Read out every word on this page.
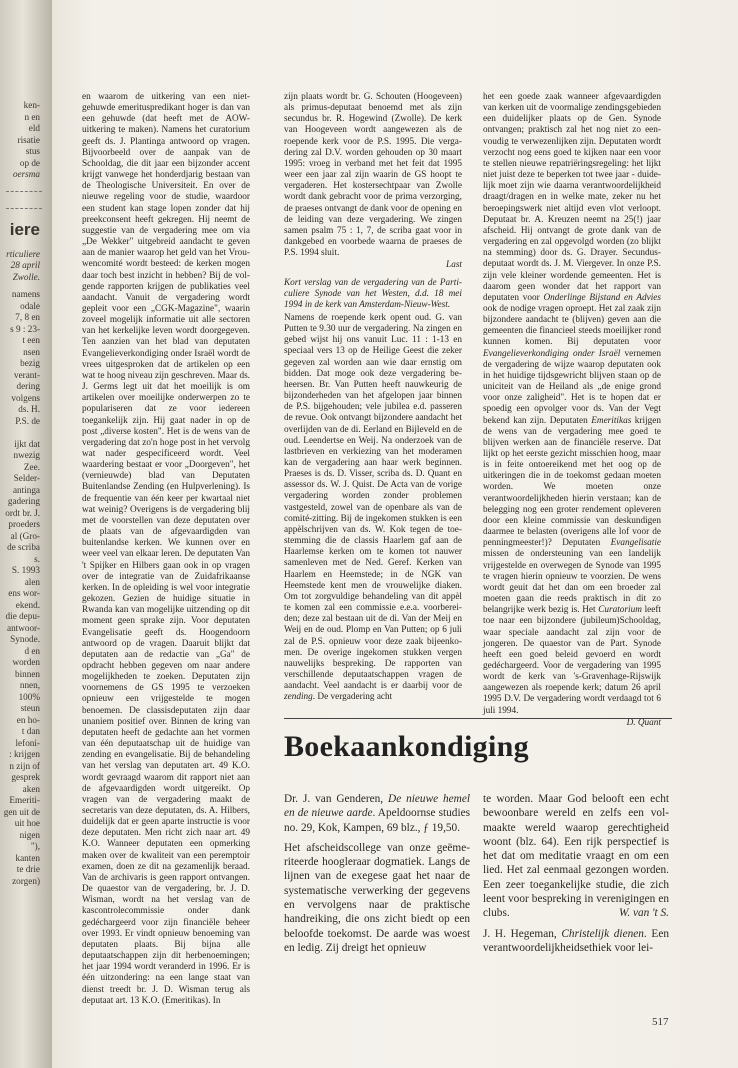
ken-
n en
eld
risatie
stus
op de
oersma
iere
rticuliere
28 april
Zwolle.
namens
odale
7, 8 en
s 9 : 23-
t een
nsen
bezig
verant-
dering
volgens
ds. H.
P.S. de

ijkt dat
nwezig
Zee.
Selder-
antinga
gadering
ordt br. J.
proeders
al (Gro-
de scriba
s.
S. 1993
alen
ens wor-
ekend.
die depu-
antwoor-
Synode.
d en
worden
binnen
nnen,
100%
steun
en ho-
t dan
lefoni-
: krijgen
n zijn of
gesprek
aken
Emeriti-
gen uit de
uit hoe
nigen
"),
kanten
te drie
zorgen)

en waarom de uitkering van een niet-gehuwde emerituspredikant hoger is dan van een gehuwde (dat heeft met de AOW-uitkering te maken). Namens het curatorium geeft ds. J. Plantinga antwoord op vragen. Bijvoorbeeld over de aanpak van de Schooldag, die dit jaar een bijzonder accent krijgt vanwege het honderdjarig bestaan van de Theologische Universiteit. En over de nieuwe regeling voor de studie, waardoor een student kan stage lopen zonder dat hij preekconsent heeft gekregen. Hij neemt de suggestie van de vergadering mee om via „De Wekker" uitgebreid aandacht te geven aan de manier waarop het geld van het Vrouwencomité wordt besteed: de kerken mogen daar toch best inzicht in hebben? Bij de volgende rapporten krijgen de publikaties veel aandacht. Vanuit de vergadering wordt gepleit voor een „CGK-Magazine", waarin zoveel mogelijk informatie uit alle sectoren van het kerkelijke leven wordt doorgegeven. Ten aanzien van het blad van deputaten Evangelieverkondiging onder Israël wordt de vrees uitgesproken dat de artikelen op een wat te hoog niveau zijn geschreven. Maar ds. J. Germs legt uit dat het moeilijk is om artikelen over moeilijke onderwerpen zo te populariseren dat ze voor iedereen toegankelijk zijn. Hij gaat nader in op de post „diverse kosten". Het is de wens van de vergadering dat zo'n hoge post in het vervolg wat nader gespecificeerd wordt. Veel waardering bestaat er voor „Doorgeven", het (vernieuwde) blad van Deputaten Buitenlandse Zending (en Hulpverlening). Is de frequentie van één keer per kwartaal niet wat weinig? Overigens is de vergadering blij met de voorstellen van deze deputaten over de plaats van de afgevaardigden van buitenlandse kerken. We kunnen over en weer veel van elkaar leren. De deputaten Van 't Spijker en Hilbers gaan ook in op vragen over de integratie van de Zuidafrikaanse kerken. In de opleiding is wel voor integratie gekozen. Gezien de huidige situatie in Rwanda kan van mogelijke uitzending op dit moment geen sprake zijn. Voor deputaten Evangelisatie geeft ds. Hoogendoorn antwoord op de vragen. Daaruit blijkt dat deputaten aan de redactie van „Ga" de opdracht hebben gegeven om naar andere mogelijkheden te zoeken. Deputaten zijn voornemens de GS 1995 te verzoeken opnieuw een vrijgestelde te mogen benoemen. De classisdeputaten zijn daar unaniem positief over. Binnen de kring van deputaten heeft de gedachte aan het vormen van één deputaatschap uit de huidige van zending en evangelisatie. Bij de behandeling van het verslag van deputaten art. 49 K.O. wordt gevraagd waarom dit rapport niet aan de afgevaardigden wordt uitgereikt. Op vragen van de vergadering maakt de secretaris van deze deputaten, ds. A. Hilbers, duidelijk dat er geen aparte instructie is voor deze deputaten. Men richt zich naar art. 49 K.O. Wanneer deputaten een opmerking maken over de kwaliteit van een peremptoir examen, doen ze dit na gezamenlijk beraad. Van de archivaris is geen rapport ontvangen. De quaestor van de vergadering, br. J. D. Wisman, wordt na het verslag van de kascontrolecommissie onder dank gedéchargeerd voor zijn financiële beheer over 1993. Er vindt opnieuw benoeming van deputaten plaats. Bij bijna alle deputaatschappen zijn dit herbenoemingen; het jaar 1994 wordt veranderd in 1996. Er is één uitzondering: na een lange staat van dienst treedt br. J. D. Wisman terug als deputaat art. 13 K.O. (Emeritikas). In

zijn plaats wordt br. G. Schouten (Hoogeveen) als primus-deputaat benoemd met als zijn secundus br. R. Hogewind (Zwolle). De kerk van Hoogeveen wordt aangewezen als de roepende kerk voor de P.S. 1995. Die vergadering zal D.V. worden gehouden op 30 maart 1995: vroeg in verband met het feit dat 1995 weer een jaar zal zijn waarin de GS hoopt te vergaderen. Het kostersechtpaar van Zwolle wordt dank gebracht voor de prima verzorging, de praeses ontvangt de dank voor de opening en de leiding van deze vergadering. We zingen samen psalm 75 : 1, 7, de scriba gaat voor in dankgebed en voorbede waarna de praeses de P.S. 1994 sluit.

Last

Kort verslag van de vergadering van de Particuliere Synode van het Westen, d.d. 18 mei 1994 in de kerk van Amsterdam-Nieuw-West.

Namens de roepende kerk opent oud. G. van Putten te 9.30 uur de vergadering. Na zingen en gebed wijst hij ons vanuit Luc. 11 : 1-13 en speciaal vers 13 op de Heilige Geest die zeker gegeven zal worden aan wie daar ernstig om bidden. Dat moge ook deze vergadering beheersen. Br. Van Putten heeft nauwkeurig de bijzonderheden van het afgelopen jaar binnen de P.S. bijgehouden; vele jubilea e.d. passeren de revue. Ook ontvangt bijzondere aandacht het overlijden van de di. Eerland en Bijleveld en de oud. Leendertse en Weij. Na onderzoek van de lastbrieven en verkiezing van het moderamen kan de vergadering aan haar werk beginnen. Praeses is ds. D. Visser, scriba ds. D. Quant en assessor ds. W. J. Quist. De Acta van de vorige vergadering worden zonder problemen vastgesteld, zowel van de openbare als van de comité-zitting. Bij de ingekomen stukken is een appèlschrijven van ds. W. Kok tegen de toestemming die de classis Haarlem gaf aan de Haarlemse kerken om te komen tot nauwer samenleven met de Ned. Geref. Kerken van Haarlem en Heemstede; in de NGK van Heemstede kent men de vrouwelijke diaken. Om tot zorgvuldige behandeling van dit appèl te komen zal een commissie e.e.a. voorbereiden; deze zal bestaan uit de di. Van der Meij en Weij en de oud. Plomp en Van Putten; op 6 juli zal de P.S. opnieuw voor deze zaak bijeenkomen. De overige ingekomen stukken vergen nauwelijks bespreking. De rapporten van verschillende deputaatschappen vragen de aandacht. Veel aandacht is er daarbij voor de zending. De vergadering acht

het een goede zaak wanneer afgevaardigden van kerken uit de voormalige zendingsgebieden een duidelijker plaats op de Gen. Synode ontvangen; praktisch zal het nog niet zo eenvoudig te verwezenlijken zijn. Deputaten wordt verzocht nog eens goed te kijken naar een voor te stellen nieuwe repatriëringsregeling: het lijkt niet juist deze te beperken tot twee jaar - duidelijk moet zijn wie daarna verantwoordelijkheid draagt/dragen en in welke mate, zeker nu het beroepingswerk niet altijd even vlot verloopt. Deputaat br. A. Kreuzen neemt na 25(!) jaar afscheid. Hij ontvangt de grote dank van de vergadering en zal opgevolgd worden (zo blijkt na stemming) door ds. G. Drayer. Secundusdeputaat wordt ds. J. M. Viergever. In onze P.S. zijn vele kleiner wordende gemeenten. Het is daarom geen wonder dat het rapport van deputaten voor Onderlinge Bijstand en Advies ook de nodige vragen oproept. Het zal zaak zijn bijzondere aandacht te (blijven) geven aan die gemeenten die financieel steeds moeilijker rond kunnen komen. Bij deputaten voor Evangelieverkondiging onder Israël vernemen de vergadering de wijze waarop deputaten ook in het huidige tijdsgewricht blijven staan op de uniciteit van de Heiland als „de enige grond voor onze zaligheid". Het is te hopen dat er spoedig een opvolger voor ds. Van der Vegt bekend kan zijn. Deputaten Emeritikas krijgen de wens van de vergadering mee goed te blijven werken aan de financiële reserve. Dat lijkt op het eerste gezicht misschien hoog, maar is in feite ontoereikend met het oog op de uitkeringen die in de toekomst gedaan moeten worden. We moeten onze verantwoordelijkheden hierin verstaan; kan de belegging nog een groter rendement opleveren door een kleine commissie van deskundigen daarmee te belasten (overigens alle lof voor de penningmeester!)? Deputaten Evangelisatie missen de ondersteuning van een landelijk vrijgestelde en overwegen de Synode van 1995 te vragen hierin opnieuw te voorzien. De wens wordt geuit dat het dan om een broeder zal moeten gaan die reeds praktisch in dit zo belangrijke werk bezig is. Het Curatorium leeft toe naar een bijzondere (jubileum)Schooldag, waar speciale aandacht zal zijn voor de jongeren. De quaestor van de Part. Synode heeft een goed beleid gevoerd en wordt gedéchargeerd. Voor de vergadering van 1995 wordt de kerk van 's-Gravenhage-Rijswijk aangewezen als roepende kerk; datum 26 april 1995 D.V. De vergadering wordt verdaagd tot 6 juli 1994.

D. Quant

Boekaankondiging

Dr. J. van Genderen, De nieuwe hemel en de nieuwe aarde. Apeldoornse studies no. 29, Kok, Kampen, 69 blz., ƒ 19,50.

Het afscheidscollege van onze geëmeriteerde hoogleraar dogmatiek. Langs de lijnen van de exegese gaat het naar de systematische verwerking der gegevens en vervolgens naar de praktische handreiking, die ons zicht biedt op een beloofde toekomst. De aarde was woest en ledig. Zij dreigt het opnieuw

te worden. Maar God belooft een echt bewoonbare wereld en zelfs een volmaakte wereld waarop gerechtigheid woont (blz. 64). Een rijk perspectief is het dat om meditatie vraagt en om een lied. Het zal eenmaal gezongen worden. Een zeer toegankelijke studie, die zich leent voor bespreking in verenigingen en clubs.	W. van 't S.

J. H. Hegeman, Christelijk dienen. Een verantwoordelijkheidsethiek voor lei-

517
